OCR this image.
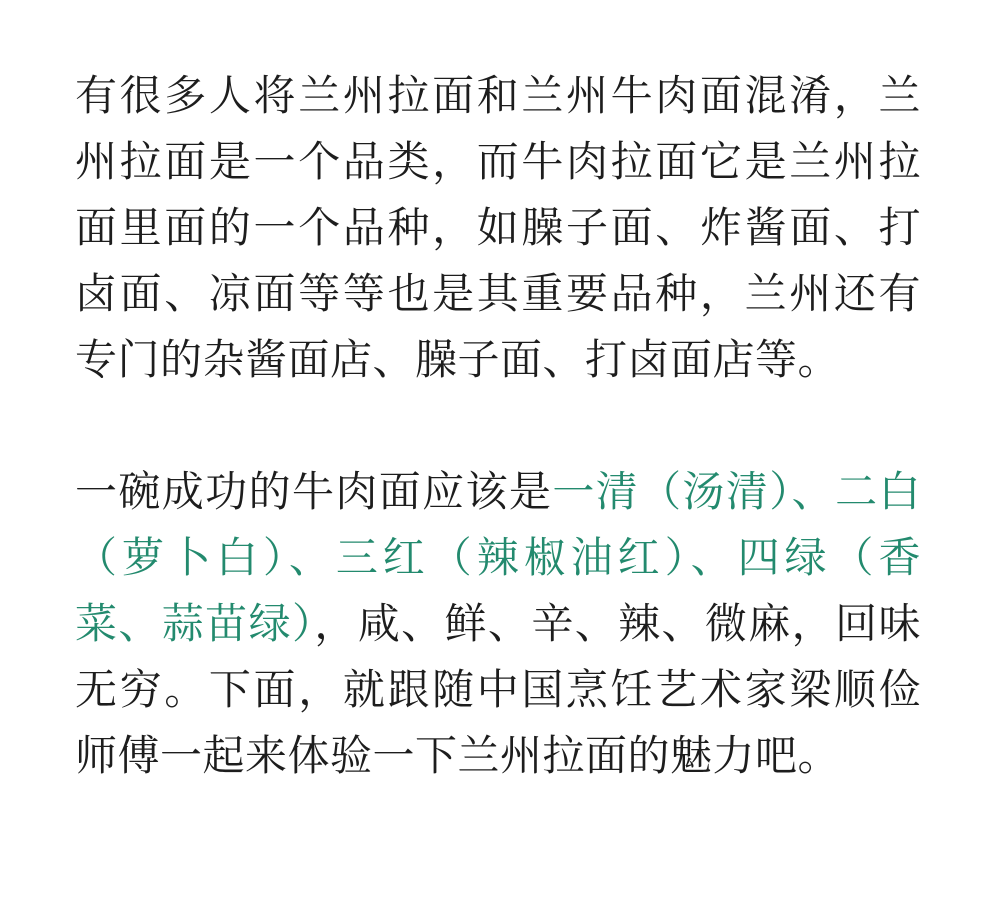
有很多人将兰州拉面和兰州牛肉面混淆，兰州拉面是一个品类，而牛肉拉面它是兰州拉面里面的一个品种，如臊子面、炸酱面、打卤面、凉面等等也是其重要品种，兰州还有专门的杂酱面店、臊子面、打卤面店等。

一碗成功的牛肉面应该是一清（汤清）、二白（萝卜白）、三红（辣椒油红）、四绿（香菜、蒜苗绿），咸、鲜、辛、辣、微麻，回味无穷。下面，就跟随中国烹饪艺术家梁顺俭师傅一起来体验一下兰州拉面的魅力吧。
